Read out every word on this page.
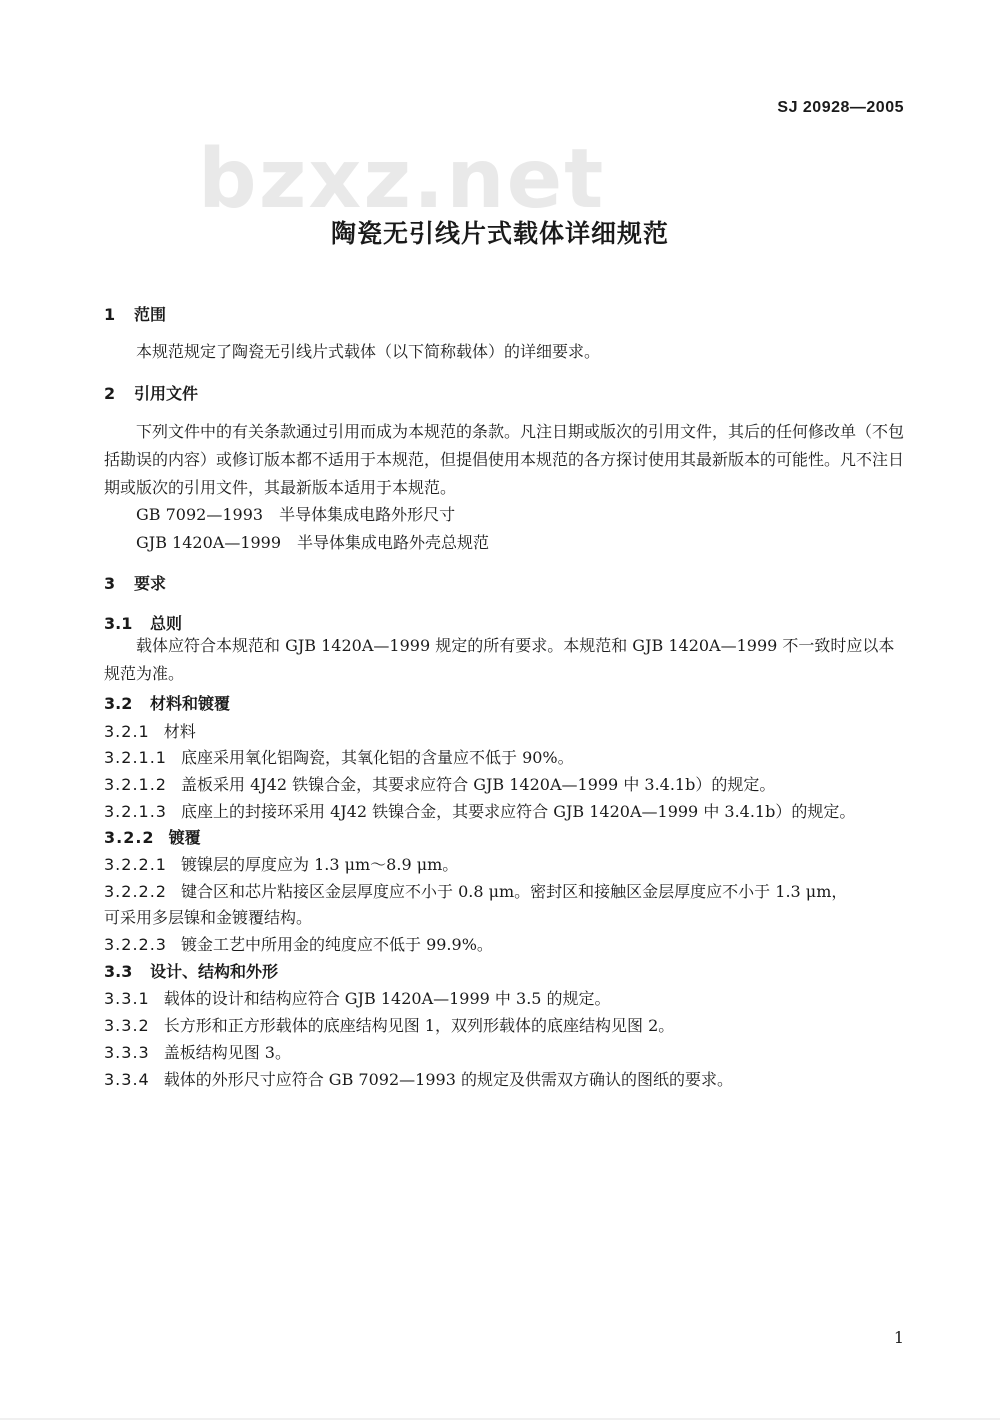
SJ 20928—2005
bzxz.net
陶瓷无引线片式载体详细规范
1 范围
本规范规定了陶瓷无引线片式载体（以下简称载体）的详细要求。
2 引用文件
下列文件中的有关条款通过引用而成为本规范的条款。凡注日期或版次的引用文件，其后的任何修改单（不包括勘误的内容）或修订版本都不适用于本规范，但提倡使用本规范的各方探讨使用其最新版本的可能性。凡不注日期或版次的引用文件，其最新版本适用于本规范。
GB 7092—1993　半导体集成电路外形尺寸
GJB 1420A—1999　半导体集成电路外壳总规范
3 要求
3.1 总则
载体应符合本规范和 GJB 1420A—1999 规定的所有要求。本规范和 GJB 1420A—1999 不一致时应以本规范为准。
3.2 材料和镀覆
3.2.1 材料
3.2.1.1 底座采用氧化铝陶瓷，其氧化铝的含量应不低于 90%。
3.2.1.2 盖板采用 4J42 铁镍合金，其要求应符合 GJB 1420A—1999 中 3.4.1b）的规定。
3.2.1.3 底座上的封接环采用 4J42 铁镍合金，其要求应符合 GJB 1420A—1999 中 3.4.1b）的规定。
3.2.2 镀覆
3.2.2.1 镀镍层的厚度应为 1.3 μm～8.9 μm。
3.2.2.2 键合区和芯片粘接区金层厚度应不小于 0.8 μm。密封区和接触区金层厚度应不小于 1.3 μm，
可采用多层镍和金镀覆结构。
3.2.2.3 镀金工艺中所用金的纯度应不低于 99.9%。
3.3 设计、结构和外形
3.3.1 载体的设计和结构应符合 GJB 1420A—1999 中 3.5 的规定。
3.3.2 长方形和正方形载体的底座结构见图 1，双列形载体的底座结构见图 2。
3.3.3 盖板结构见图 3。
3.3.4 载体的外形尺寸应符合 GB 7092—1993 的规定及供需双方确认的图纸的要求。
1
